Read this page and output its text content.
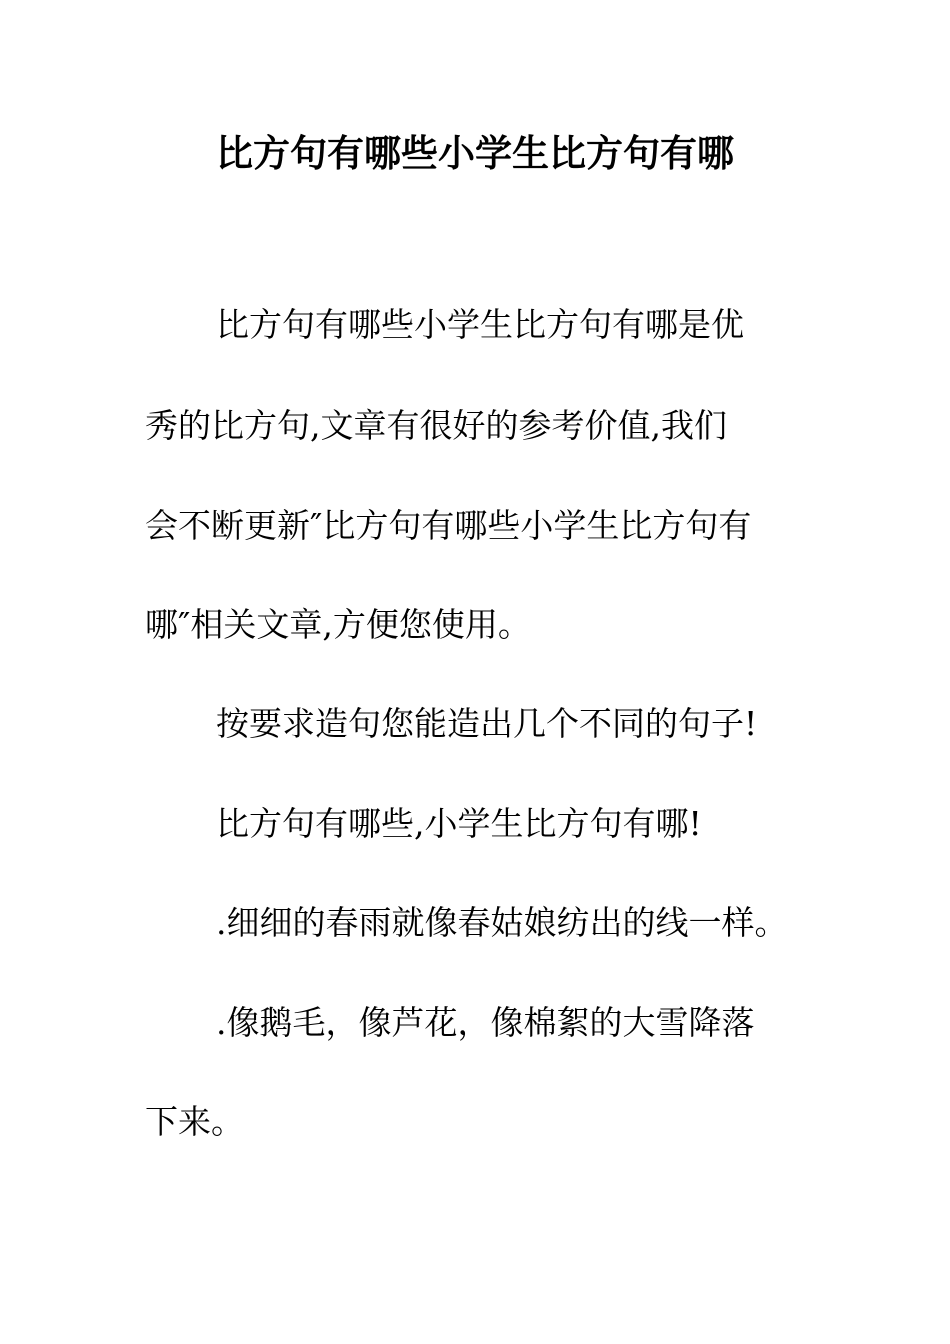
比方句有哪些小学生比方句有哪
比方句有哪些小学生比方句有哪是优
秀的比方句,文章有很好的参考价值,我们
会不断更新″比方句有哪些小学生比方句有
哪″相关文章,方便您使用。
按要求造句您能造出几个不同的句子!
比方句有哪些,小学生比方句有哪!
.细细的春雨就像春姑娘纺出的线一样。
.像鹅毛，像芦花，像棉絮的大雪降落
下来。
